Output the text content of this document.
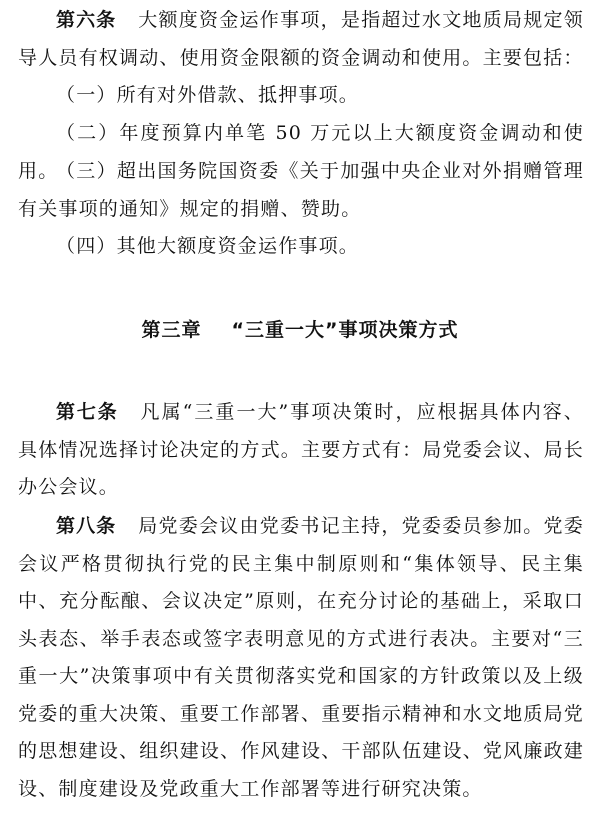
第六条 大额度资金运作事项，是指超过水文地质局规定领导人员有权调动、使用资金限额的资金调动和使用。主要包括：
（一）所有对外借款、抵押事项。
（二）年度预算内单笔 50 万元以上大额度资金调动和使用。
（三）超出国务院国资委《关于加强中央企业对外捐赠管理有关事项的通知》规定的捐赠、赞助。
（四）其他大额度资金运作事项。
第三章 “三重一大”事项决策方式
第七条 凡属“三重一大”事项决策时，应根据具体内容、具体情况选择讨论决定的方式。主要方式有：局党委会议、局长办公会议。
第八条 局党委会议由党委书记主持，党委委员参加。党委会议严格贯彻执行党的民主集中制原则和“集体领导、民主集中、充分酝酿、会议决定”原则，在充分讨论的基础上，采取口头表态、举手表态或签字表明意见的方式进行表决。主要对“三重一大”决策事项中有关贯彻落实党和国家的方针政策以及上级党委的重大决策、重要工作部署、重要指示精神和水文地质局党的思想建设、组织建设、作风建设、干部队伍建设、党风廉政建设、制度建设及党政重大工作部署等进行研究决策。
